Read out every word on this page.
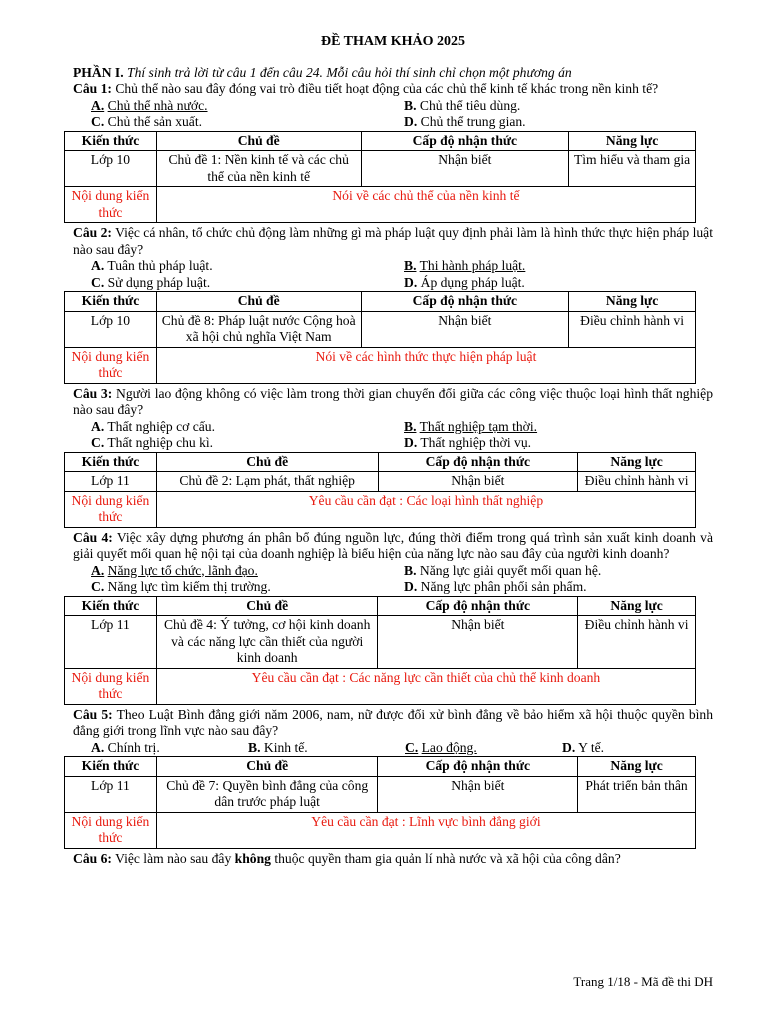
ĐỀ THAM KHẢO 2025

PHẦN I. Thí sinh trả lời từ câu 1 đến câu 24. Mỗi câu hỏi thí sinh chỉ chọn một phương án

Câu 1: Chủ thể nào sau đây đóng vai trò điều tiết hoạt động của các chủ thể kinh tế khác trong nền kinh tế?

A. Chủ thể nhà nước.	B. Chủ thể tiêu dùng.
C. Chủ thể sản xuất.	D. Chủ thể trung gian.
Kiến thức	Chủ đề	Cấp độ nhận thức	Năng lực
Lớp 10	Chủ đề 1: Nền kinh tế và các chủ thể của nền kinh tế	Nhận biết	Tìm hiểu và tham gia
Nội dung kiến thức	Nói về các chủ thể của nền kinh tế		

Câu 2: Việc cá nhân, tổ chức chủ động làm những gì mà pháp luật quy định phải làm là hình thức thực hiện pháp luật nào sau đây?

A. Tuân thủ pháp luật.	B. Thi hành pháp luật.
C. Sử dụng pháp luật.	D. Áp dụng pháp luật.
Kiến thức	Chủ đề	Cấp độ nhận thức	Năng lực
Lớp 10	Chủ đề 8: Pháp luật nước Cộng hoà xã hội chủ nghĩa Việt Nam	Nhận biết	Điều chỉnh hành vi
Nội dung kiến thức	Nói về các hình thức thực hiện pháp luật		

Câu 3: Người lao động không có việc làm trong thời gian chuyển đổi giữa các công việc thuộc loại hình thất nghiệp nào sau đây?

A. Thất nghiệp cơ cấu.	B. Thất nghiệp tạm thời.
C. Thất nghiệp chu kì.	D. Thất nghiệp thời vụ.
Kiến thức	Chủ đề	Cấp độ nhận thức	Năng lực
Lớp 11	Chủ đề 2: Lạm phát, thất nghiệp	Nhận biết	Điều chỉnh hành vi
Nội dung kiến thức	Yêu cầu cần đạt : Các loại hình thất nghiệp		

Câu 4: Việc xây dựng phương án phân bổ đúng nguồn lực, đúng thời điểm trong quá trình sản xuất kinh doanh và giải quyết mối quan hệ nội tại của doanh nghiệp là biểu hiện của năng lực nào sau đây của người kinh doanh?

A. Năng lực tổ chức, lãnh đạo.	B. Năng lực giải quyết mối quan hệ.
C. Năng lực tìm kiếm thị trường.	D. Năng lực phân phối sản phẩm.
Kiến thức	Chủ đề	Cấp độ nhận thức	Năng lực
Lớp 11	Chủ đề 4: Ý tưởng, cơ hội kinh doanh và các năng lực cần thiết của người kinh doanh	Nhận biết	Điều chỉnh hành vi
Nội dung kiến thức	Yêu cầu cần đạt : Các năng lực cần thiết của chủ thể kinh doanh		

Câu 5: Theo Luật Bình đẳng giới năm 2006, nam, nữ được đối xử bình đẳng về bảo hiểm xã hội thuộc quyền bình đẳng giới trong lĩnh vực nào sau đây?

A. Chính trị.	B. Kinh tế.	C. Lao động.	D. Y tế.
Kiến thức	Chủ đề	Cấp độ nhận thức	Năng lực
Lớp 11	Chủ đề 7: Quyền bình đẳng của công dân trước pháp luật	Nhận biết	Phát triển bản thân
Nội dung kiến thức	Yêu cầu cần đạt : Lĩnh vực bình đẳng giới		

Câu 6: Việc làm nào sau đây không thuộc quyền tham gia quản lí nhà nước và xã hội của công dân?

Trang 1/18 - Mã đề thi DH
